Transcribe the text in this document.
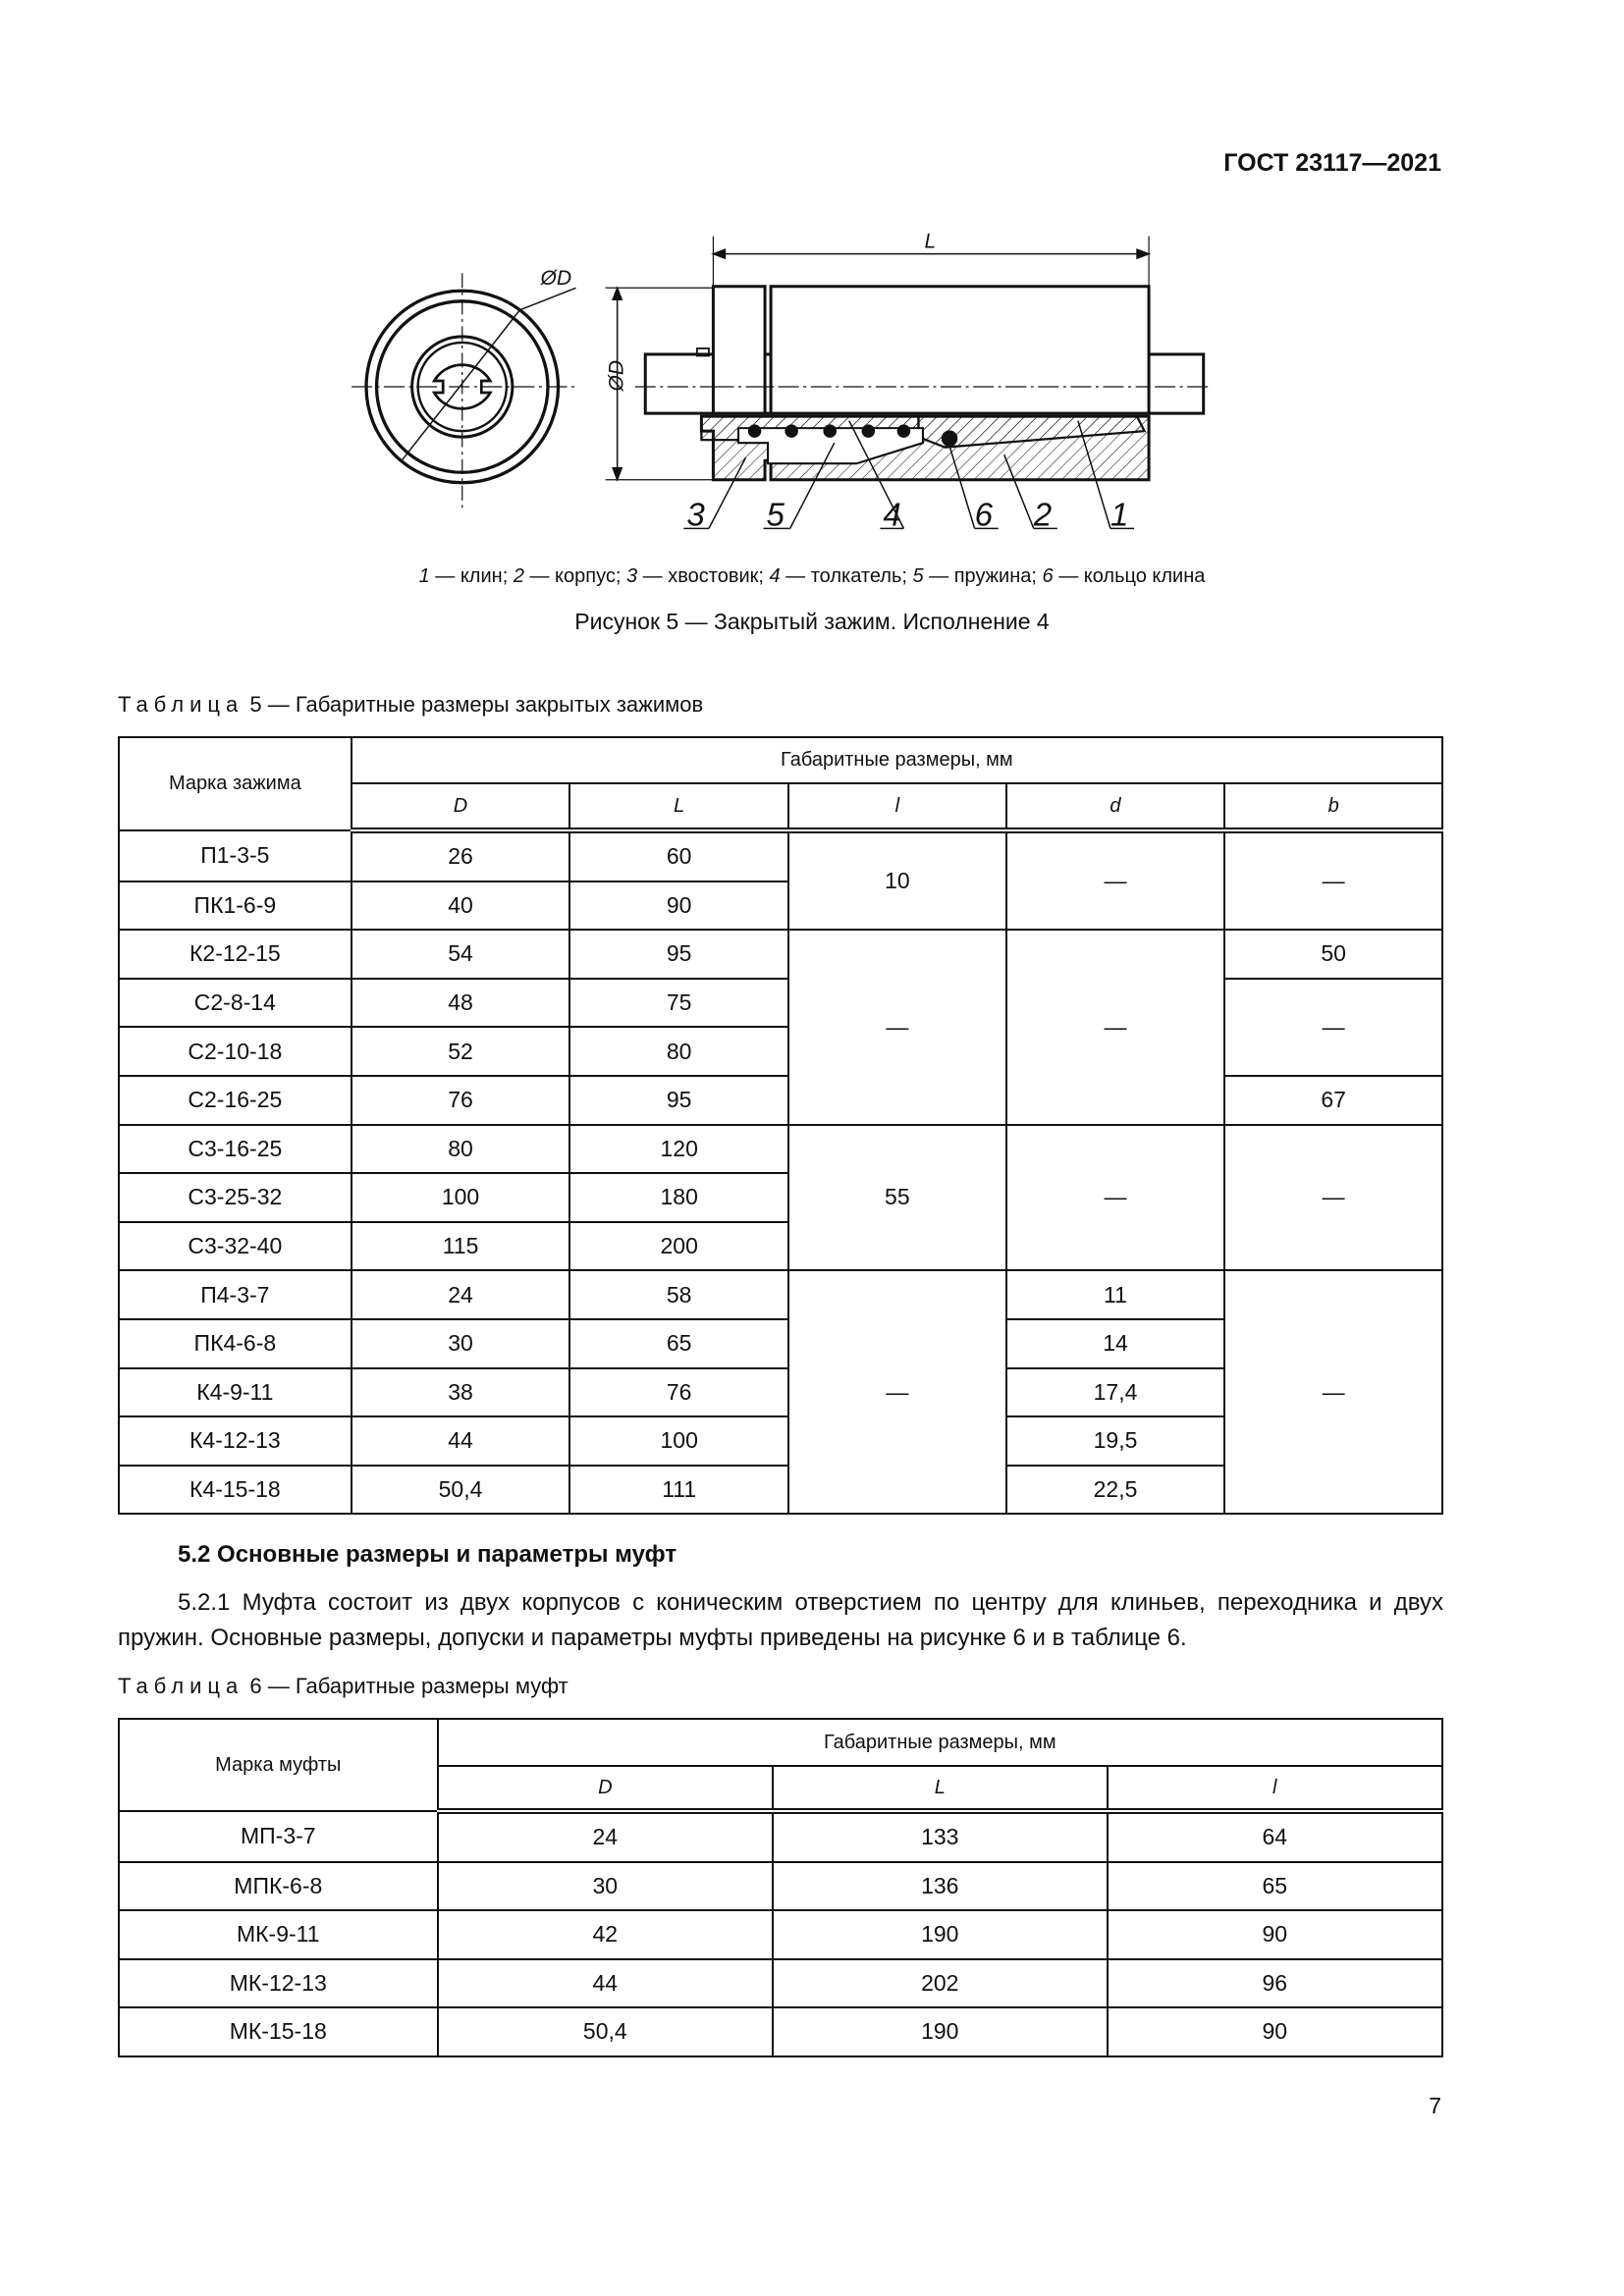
ГОСТ 23117—2021
ØD
L
ØD
3	5	4	6 2	1
1 — клин; 2 — корпус; 3 — хвостовик; 4 — толкатель; 5 — пружина; 6 — кольцо клина
Рисунок 5 — Закрытый зажим. Исполнение 4
Таблица 5 — Габаритные размеры закрытых зажимов
Марка зажима	Габаритные размеры, мм				
	D	L	l	d	b
П1-3-5	26	60	10	—	—
ПК1-6-9	40	90			
К2-12-15	54	95	—	—	50
С2-8-14	48	75			—
С2-10-18	52	80			
С2-16-25	76	95			67
С3-16-25	80	120	55	—	—
С3-25-32	100	180			
С3-32-40	115	200			
П4-3-7	24	58	—	11	—
ПК4-6-8	30	65		14	
К4-9-11	38	76		17,4	
К4-12-13	44	100		19,5	
К4-15-18	50,4	111		22,5	
5.2 Основные размеры и параметры муфт
5.2.1 Муфта состоит из двух корпусов с коническим отверстием по центру для клиньев, переходника и двух пружин. Основные размеры, допуски и параметры муфты приведены на рисунке 6 и в таблице 6.
Таблица 6 — Габаритные размеры муфт
Марка муфты	Габаритные размеры, мм		
	D	L	l
МП-3-7	24	133	64
МПК-6-8	30	136	65
МК-9-11	42	190	90
МК-12-13	44	202	96
МК-15-18	50,4	190	90
7
